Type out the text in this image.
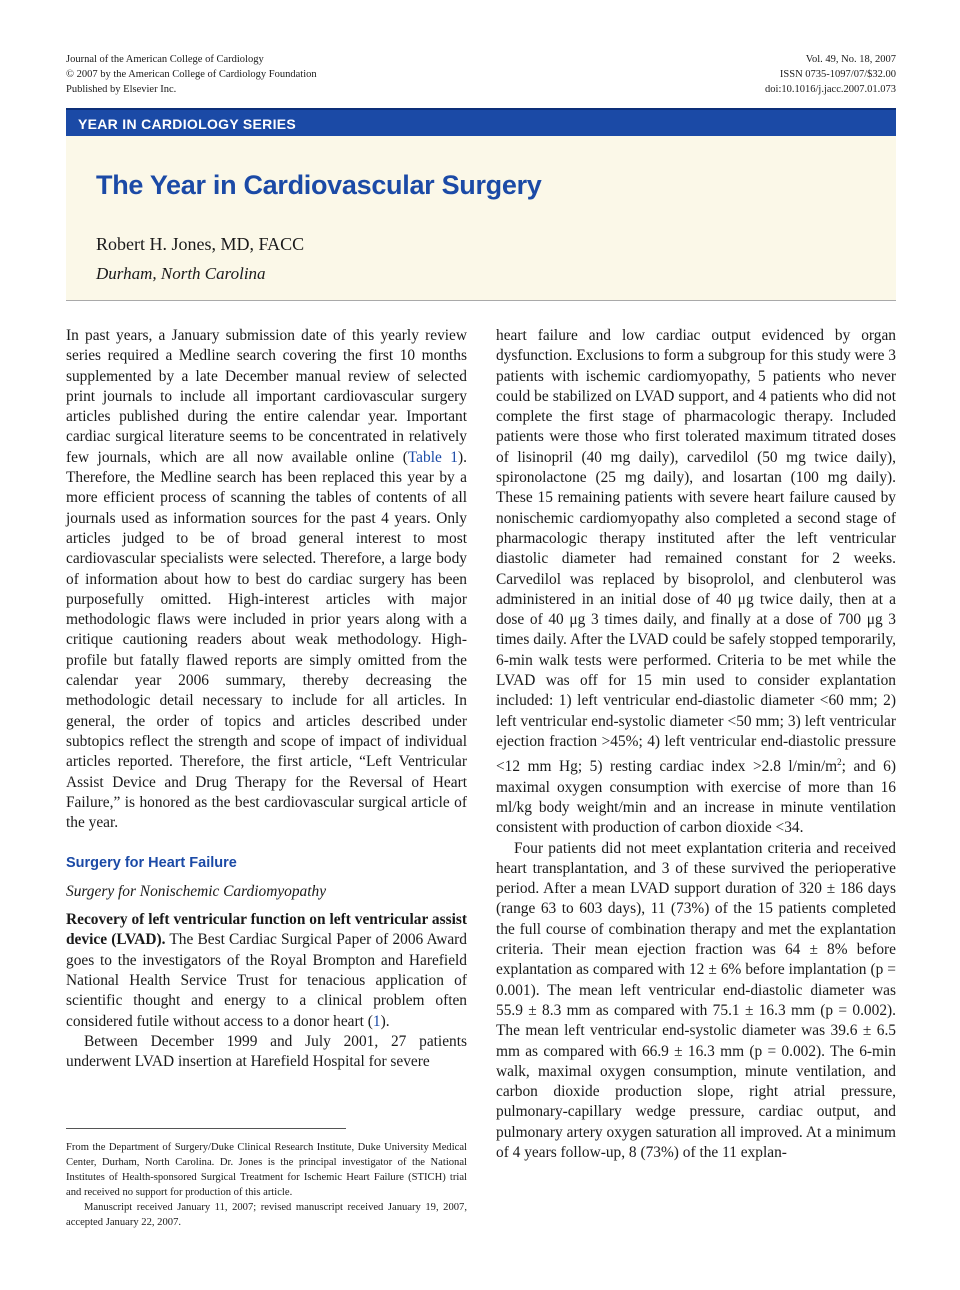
Journal of the American College of Cardiology
© 2007 by the American College of Cardiology Foundation
Published by Elsevier Inc.
Vol. 49, No. 18, 2007
ISSN 0735-1097/07/$32.00
doi:10.1016/j.jacc.2007.01.073
YEAR IN CARDIOLOGY SERIES
The Year in Cardiovascular Surgery
Robert H. Jones, MD, FACC
Durham, North Carolina

In past years, a January submission date of this yearly review series required a Medline search covering the first 10 months supplemented by a late December manual review of selected print journals to include all important cardiovascular surgery articles published during the entire calendar year. Important cardiac surgical literature seems to be concentrated in relatively few journals, which are all now available online (Table 1). Therefore, the Medline search has been replaced this year by a more efficient process of scanning the tables of contents of all journals used as information sources for the past 4 years. Only articles judged to be of broad general interest to most cardiovascular specialists were selected. Therefore, a large body of information about how to best do cardiac surgery has been purposefully omitted. High-interest articles with major methodologic flaws were included in prior years along with a critique cautioning readers about weak methodology. High-profile but fatally flawed reports are simply omitted from the calendar year 2006 summary, thereby decreasing the methodologic detail necessary to include for all articles. In general, the order of topics and articles described under subtopics reflect the strength and scope of impact of individual articles reported. Therefore, the first article, “Left Ventricular Assist Device and Drug Therapy for the Reversal of Heart Failure,” is honored as the best cardiovascular surgical article of the year.

Surgery for Heart Failure
Surgery for Nonischemic Cardiomyopathy

Recovery of left ventricular function on left ventricular assist device (LVAD). The Best Cardiac Surgical Paper of 2006 Award goes to the investigators of the Royal Brompton and Harefield National Health Service Trust for tenacious application of scientific thought and energy to a clinical problem often considered futile without access to a donor heart (1).

Between December 1999 and July 2001, 27 patients underwent LVAD insertion at Harefield Hospital for severe

heart failure and low cardiac output evidenced by organ dysfunction. Exclusions to form a subgroup for this study were 3 patients with ischemic cardiomyopathy, 5 patients who never could be stabilized on LVAD support, and 4 patients who did not complete the first stage of pharmacologic therapy. Included patients were those who first tolerated maximum titrated doses of lisinopril (40 mg daily), carvedilol (50 mg twice daily), spironolactone (25 mg daily), and losartan (100 mg daily). These 15 remaining patients with severe heart failure caused by nonischemic cardiomyopathy also completed a second stage of pharmacologic therapy instituted after the left ventricular diastolic diameter had remained constant for 2 weeks. Carvedilol was replaced by bisoprolol, and clenbuterol was administered in an initial dose of 40 μg twice daily, then at a dose of 40 μg 3 times daily, and finally at a dose of 700 μg 3 times daily. After the LVAD could be safely stopped temporarily, 6-min walk tests were performed. Criteria to be met while the LVAD was off for 15 min used to consider explantation included: 1) left ventricular end-diastolic diameter <60 mm; 2) left ventricular end-systolic diameter <50 mm; 3) left ventricular ejection fraction >45%; 4) left ventricular end-diastolic pressure <12 mm Hg; 5) resting cardiac index >2.8 $l/\min/m^2$; and 6) maximal oxygen consumption with exercise of more than 16 ml/kg body weight/min and an increase in minute ventilation consistent with production of carbon dioxide <34.

Four patients did not meet explantation criteria and received heart transplantation, and 3 of these survived the perioperative period. After a mean LVAD support duration of 320 ± 186 days (range 63 to 603 days), 11 (73%) of the 15 patients completed the full course of combination therapy and met the explantation criteria. Their mean ejection fraction was 64 ± 8% before explantation as compared with 12 ± 6% before implantation (p = 0.001). The mean left ventricular end-diastolic diameter was 55.9 ± 8.3 mm as compared with 75.1 ± 16.3 mm (p = 0.002). The mean left ventricular end-systolic diameter was 39.6 ± 6.5 mm as compared with 66.9 ± 16.3 mm (p = 0.002). The 6-min walk, maximal oxygen consumption, minute ventilation, and carbon dioxide production slope, right atrial pressure, pulmonary-capillary wedge pressure, cardiac output, and pulmonary artery oxygen saturation all improved. At a minimum of 4 years follow-up, 8 (73%) of the 11 explan-

From the Department of Surgery/Duke Clinical Research Institute, Duke University Medical Center, Durham, North Carolina. Dr. Jones is the principal investigator of the National Institutes of Health-sponsored Surgical Treatment for Ischemic Heart Failure (STICH) trial and received no support for production of this article.

Manuscript received January 11, 2007; revised manuscript received January 19, 2007, accepted January 22, 2007.
